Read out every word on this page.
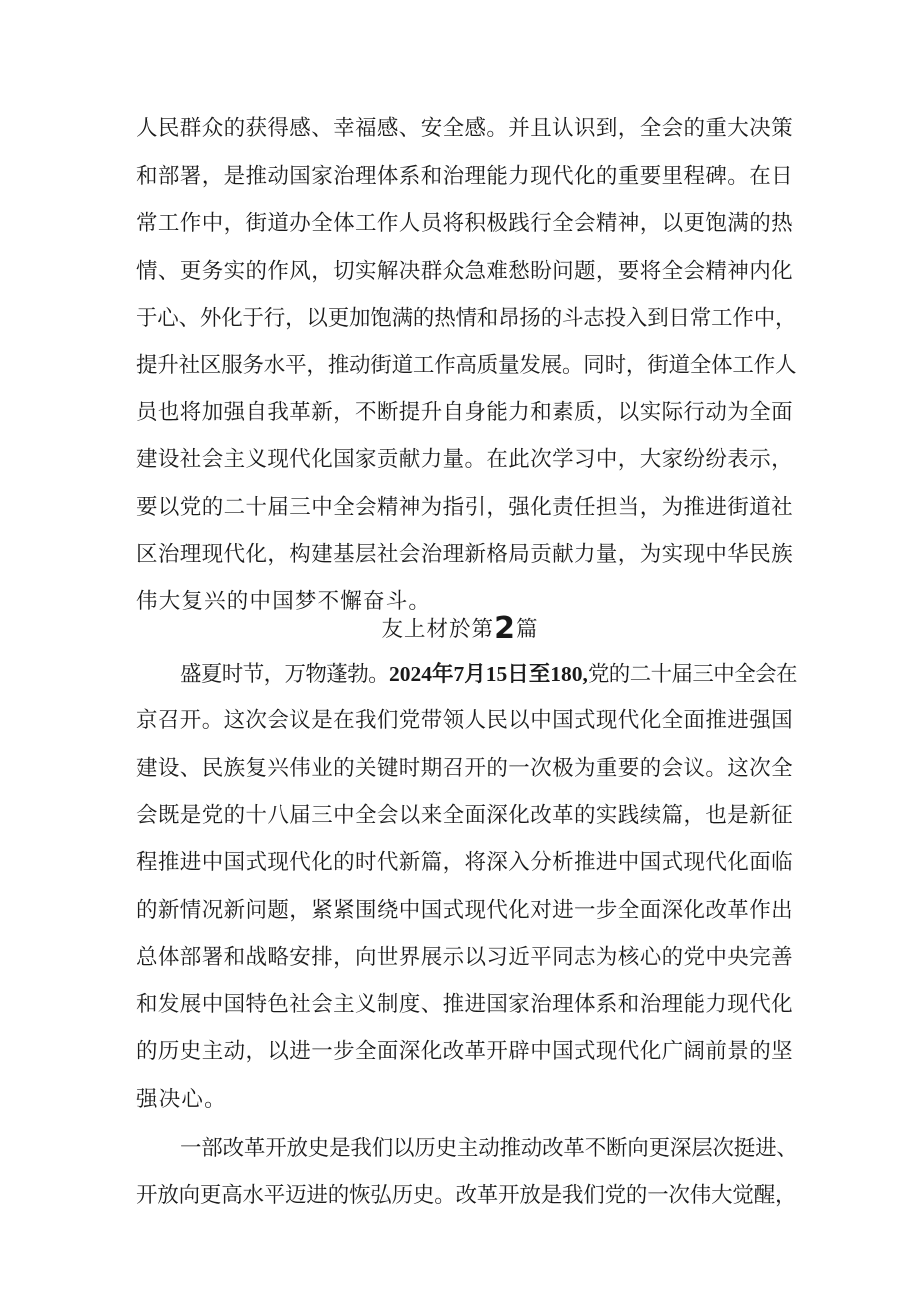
人民群众的获得感、幸福感、安全感。并且认识到，全会的重大决策
和部署，是推动国家治理体系和治理能力现代化的重要里程碑。在日
常工作中，街道办全体工作人员将积极践行全会精神，以更饱满的热
情、更务实的作风，切实解决群众急难愁盼问题，要将全会精神内化
于心、外化于行，以更加饱满的热情和昂扬的斗志投入到日常工作中，
提升社区服务水平，推动街道工作高质量发展。同时，街道全体工作人
员也将加强自我革新，不断提升自身能力和素质，以实际行动为全面
建设社会主义现代化国家贡献力量。在此次学习中，大家纷纷表示，
要以党的二十届三中全会精神为指引，强化责任担当，为推进街道社
区治理现代化，构建基层社会治理新格局贡献力量，为实现中华民族
伟大复兴的中国梦不懈奋斗。
友上材於第2篇
盛夏时节，万物蓬勃。2024年7月15日至180,党的二十届三中全会在
京召开。这次会议是在我们党带领人民以中国式现代化全面推进强国
建设、民族复兴伟业的关键时期召开的一次极为重要的会议。这次全
会既是党的十八届三中全会以来全面深化改革的实践续篇，也是新征
程推进中国式现代化的时代新篇，将深入分析推进中国式现代化面临
的新情况新问题，紧紧围绕中国式现代化对进一步全面深化改革作出
总体部署和战略安排，向世界展示以习近平同志为核心的党中央完善
和发展中国特色社会主义制度、推进国家治理体系和治理能力现代化
的历史主动，以进一步全面深化改革开辟中国式现代化广阔前景的坚
强决心。
一部改革开放史是我们以历史主动推动改革不断向更深层次挺进、
开放向更高水平迈进的恢弘历史。改革开放是我们党的一次伟大觉醒，
